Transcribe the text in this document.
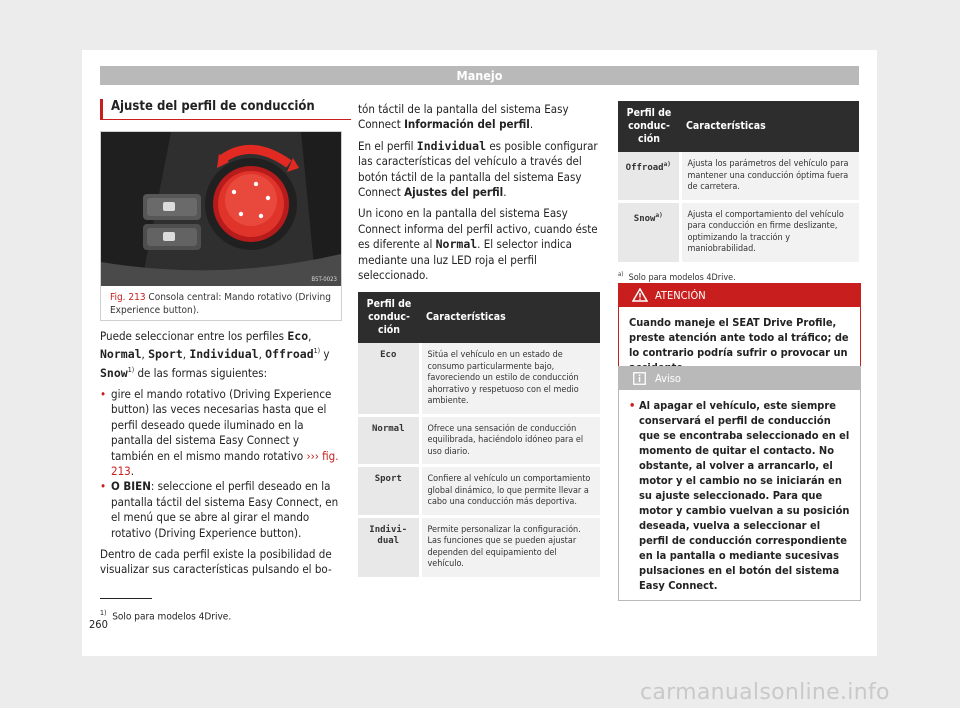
Manejo
Ajuste del perfil de conducción
B5T-0023
Fig. 213 Consola central: Mando rotativo (Driving Experience button).

Puede seleccionar entre los perfiles Eco, Normal, Sport, Individual, Offroad$^{1)}$ y Snow$^{1)}$ de las formas siguientes:

• gire el mando rotativo (Driving Experience button) las veces necesarias hasta que el perfil deseado quede iluminado en la pantalla del sistema Easy Connect y también en el mismo mando rotativo ››› fig. 213.
• O BIEN: seleccione el perfil deseado en la pantalla táctil del sistema Easy Connect, en el menú que se abre al girar el mando rotativo (Driving Experience button).

Dentro de cada perfil existe la posibilidad de visualizar sus características pulsando el bo-

tón táctil de la pantalla del sistema Easy Connect Información del perfil.

En el perfil Individual es posible configurar las características del vehículo a través del botón táctil de la pantalla del sistema Easy Connect Ajustes del perfil.

Un icono en la pantalla del sistema Easy Connect informa del perfil activo, cuando éste es diferente al Normal. El selector indica mediante una luz LED roja el perfil seleccionado.

Perfil de conduc-ción	Características
Eco	Sitúa el vehículo en un estado de consumo particularmente bajo, favoreciendo un estilo de conducción ahorrativo y respetuoso con el medio ambiente.
Normal	Ofrece una sensación de conducción equilibrada, haciéndolo idóneo para el uso diario.
Sport	Confiere al vehículo un comportamiento global dinámico, lo que permite llevar a cabo una conducción más deportiva.
Indivi-dual	Permite personalizar la configuración. Las funciones que se pueden ajustar dependen del equipamiento del vehículo.
Perfil de conduc-ción	Características
Offroad$^{a)}$	Ajusta los parámetros del vehículo para mantener una conducción óptima fuera de carretera.
Snow$^{a)}$	Ajusta el comportamiento del vehículo para conducción en firme deslizante, optimizando la tracción y maniobrabilidad.
$^{a)}$ Solo para modelos 4Drive.
ATENCIÓN
Cuando maneje el SEAT Drive Profile, preste atención ante todo al tráfico; de lo contrario podría sufrir o provocar un
Aviso
• Al apagar el vehículo, este siempre conservará el perfil de conducción que se encontraba seleccionado en el momento de quitar el contacto. No obstante, al volver a arrancarlo, el motor y el cambio no se iniciarán en su ajuste seleccionado. Para que motor y cambio vuelvan a su posición deseada, vuelva a seleccionar el perfil de conducción correspondiente en la pantalla o mediante sucesivas pulsaciones en el botón del sistema Easy Connect.
$^{1)}$ Solo para modelos 4Drive.
260
carmanualsonline.info
